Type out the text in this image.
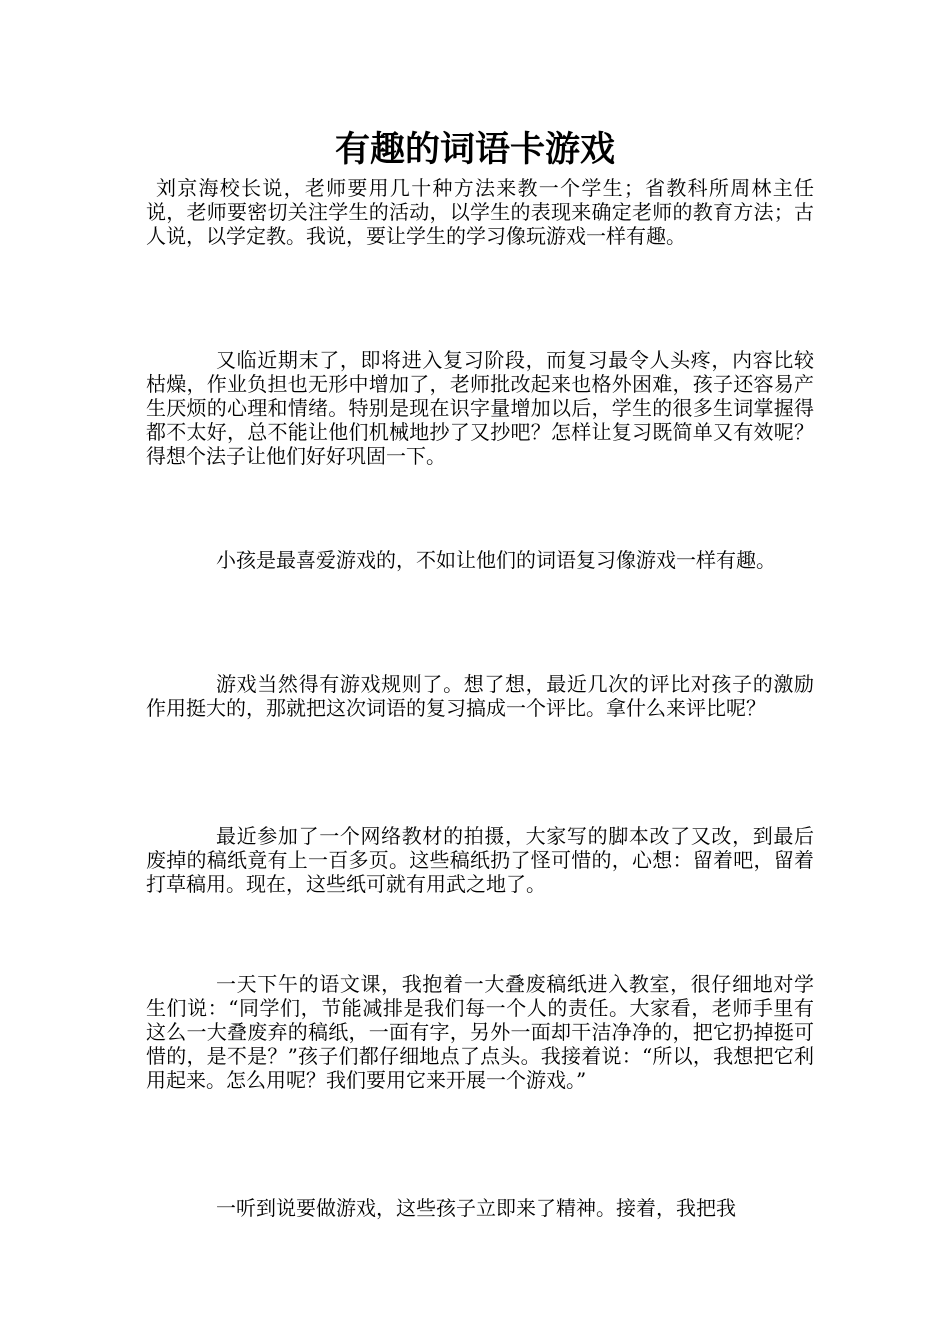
有趣的词语卡游戏

刘京海校长说，老师要用几十种方法来教一个学生；省教科所周林主任说，老师要密切关注学生的活动，以学生的表现来确定老师的教育方法；古人说，以学定教。我说，要让学生的学习像玩游戏一样有趣。

又临近期末了，即将进入复习阶段，而复习最令人头疼，内容比较枯燥，作业负担也无形中增加了，老师批改起来也格外困难，孩子还容易产生厌烦的心理和情绪。特别是现在识字量增加以后，学生的很多生词掌握得都不太好，总不能让他们机械地抄了又抄吧？怎样让复习既简单又有效呢？得想个法子让他们好好巩固一下。

小孩是最喜爱游戏的，不如让他们的词语复习像游戏一样有趣。

游戏当然得有游戏规则了。想了想，最近几次的评比对孩子的激励作用挺大的，那就把这次词语的复习搞成一个评比。拿什么来评比呢？

最近参加了一个网络教材的拍摄，大家写的脚本改了又改，到最后废掉的稿纸竟有上一百多页。这些稿纸扔了怪可惜的，心想：留着吧，留着打草稿用。现在，这些纸可就有用武之地了。

一天下午的语文课，我抱着一大叠废稿纸进入教室，很仔细地对学生们说：“同学们，节能减排是我们每一个人的责任。大家看，老师手里有这么一大叠废弃的稿纸，一面有字，另外一面却干洁净净的，把它扔掉挺可惜的，是不是？”孩子们都仔细地点了点头。我接着说：“所以，我想把它利用起来。怎么用呢？我们要用它来开展一个游戏。”

一听到说要做游戏，这些孩子立即来了精神。接着，我把我
